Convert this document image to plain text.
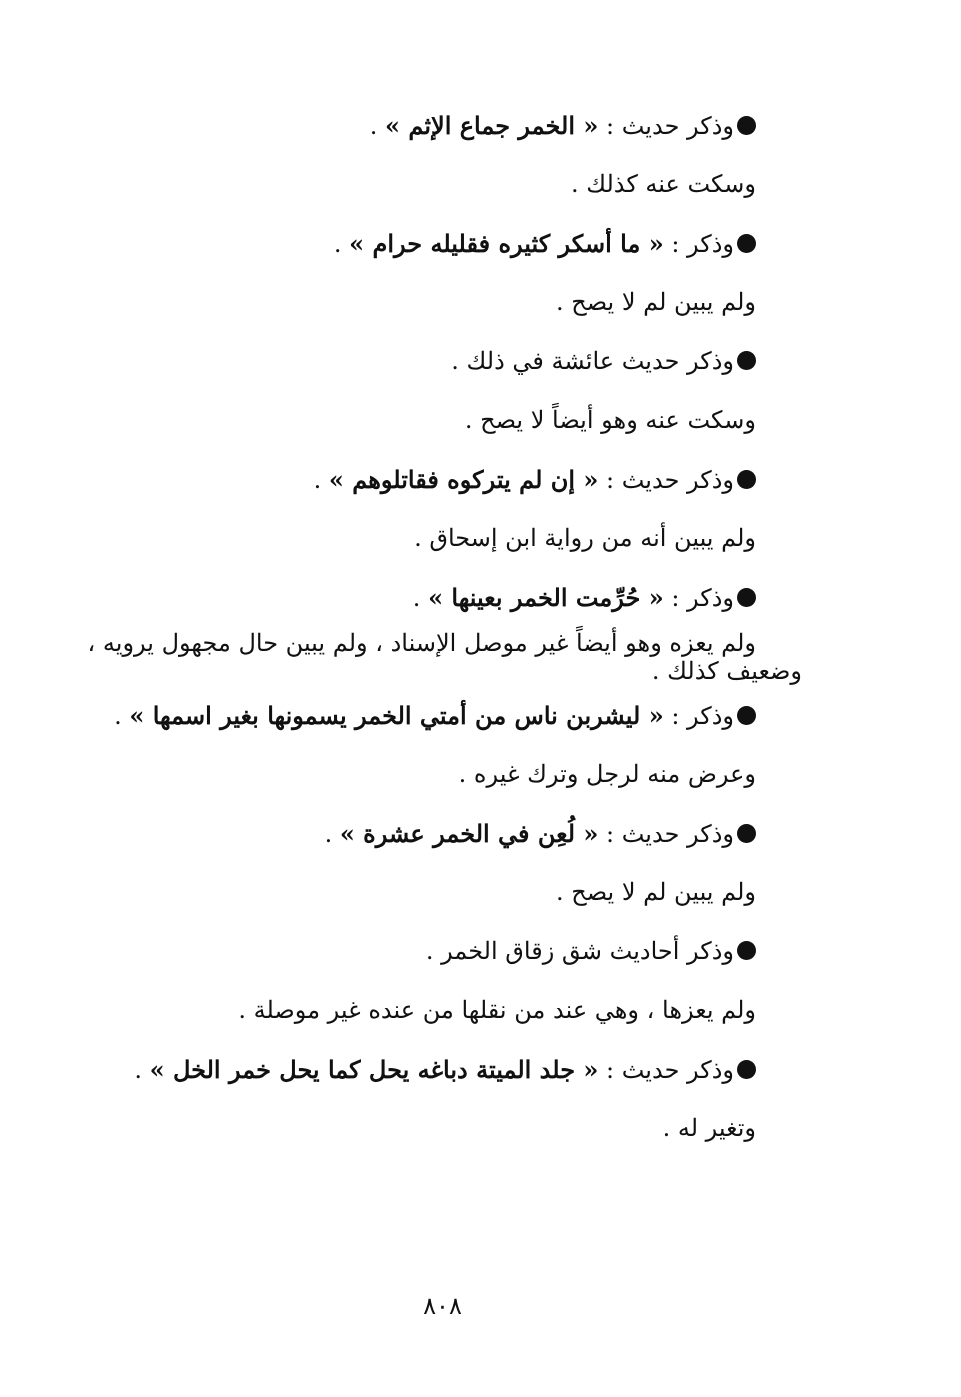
وذكر حديث : « الخمر جماع الإثم » .
وسكت عنه كذلك .
وذكر : « ما أسكر كثيره فقليله حرام » .
ولم يبين لم لا يصح .
وذكر حديث عائشة في ذلك .
وسكت عنه وهو أيضاً لا يصح .
وذكر حديث : « إن لم يتركوه فقاتلوهم » .
ولم يبين أنه من رواية ابن إسحاق .
وذكر : « حُرِّمت الخمر بعينها » .
ولم يعزه وهو أيضاً غير موصل الإسناد ، ولم يبين حال مجهول يرويه ،
وضعيف كذلك .
وذكر : « ليشربن ناس من أمتي الخمر يسمونها بغير اسمها » .
وعرض منه لرجل وترك غيره .
وذكر حديث : « لُعِن في الخمر عشرة » .
ولم يبين لم لا يصح .
وذكر أحاديث شق زقاق الخمر .
ولم يعزها ، وهي عند من نقلها من عنده غير موصلة .
وذكر حديث : « جلد الميتة دباغه يحل كما يحل خمر الخل » .
وتغير له .
٨٠٨
